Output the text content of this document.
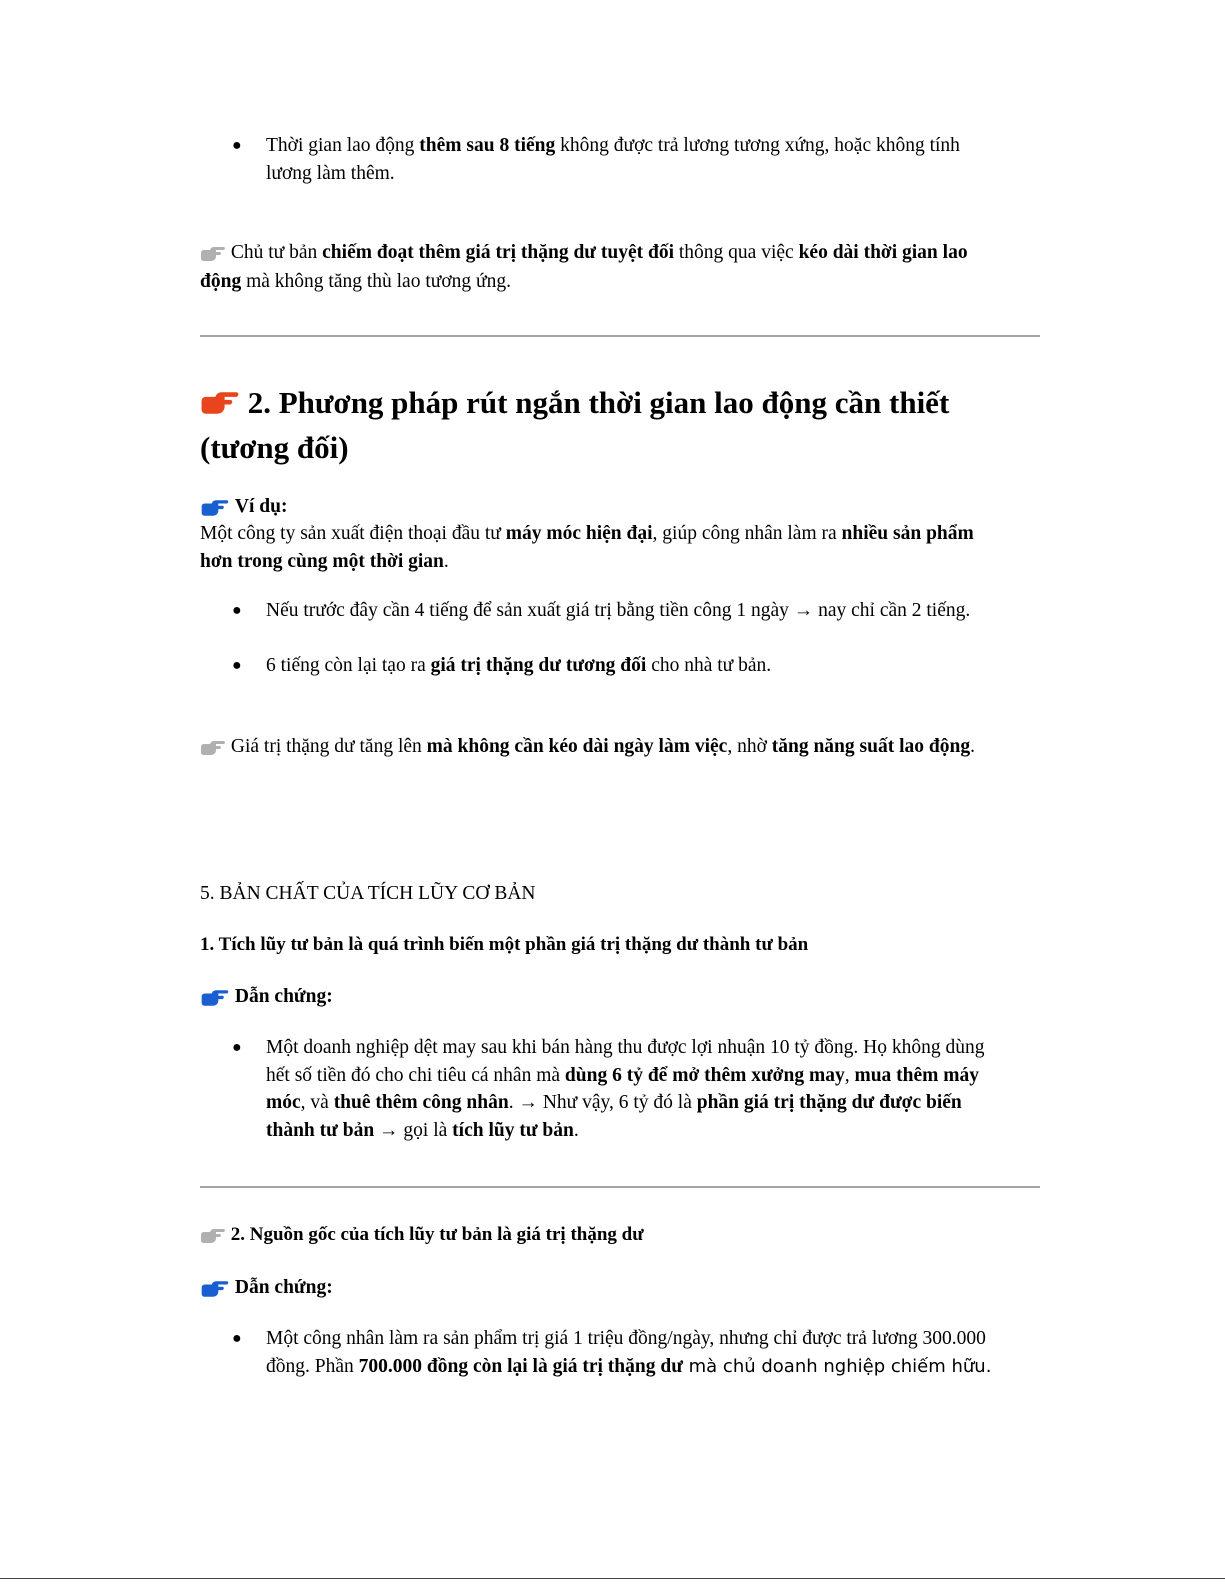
● Thời gian lao động thêm sau 8 tiếng không được trả lương tương xứng, hoặc không tính
lương làm thêm.
Chủ tư bản chiếm đoạt thêm giá trị thặng dư tuyệt đối thông qua việc kéo dài thời gian lao
động mà không tăng thù lao tương ứng.
2. Phương pháp rút ngắn thời gian lao động cần thiết
(tương đối)
Ví dụ:
Một công ty sản xuất điện thoại đầu tư máy móc hiện đại, giúp công nhân làm ra nhiều sản phẩm
hơn trong cùng một thời gian.
● Nếu trước đây cần 4 tiếng để sản xuất giá trị bằng tiền công 1 ngày → nay chỉ cần 2 tiếng.
● 6 tiếng còn lại tạo ra giá trị thặng dư tương đối cho nhà tư bản.
Giá trị thặng dư tăng lên mà không cần kéo dài ngày làm việc, nhờ tăng năng suất lao động.
5. BẢN CHẤT CỦA TÍCH LŨY CƠ BẢN
1. Tích lũy tư bản là quá trình biến một phần giá trị thặng dư thành tư bản
Dẫn chứng:
● Một doanh nghiệp dệt may sau khi bán hàng thu được lợi nhuận 10 tỷ đồng. Họ không dùng
hết số tiền đó cho chi tiêu cá nhân mà dùng 6 tỷ để mở thêm xưởng may, mua thêm máy
móc, và thuê thêm công nhân. → Như vậy, 6 tỷ đó là phần giá trị thặng dư được biến
thành tư bản → gọi là tích lũy tư bản.
2. Nguồn gốc của tích lũy tư bản là giá trị thặng dư
Dẫn chứng:
● Một công nhân làm ra sản phẩm trị giá 1 triệu đồng/ngày, nhưng chỉ được trả lương 300.000
đồng. Phần 700.000 đồng còn lại là giá trị thặng dư mà chủ doanh nghiệp chiếm hữu.
